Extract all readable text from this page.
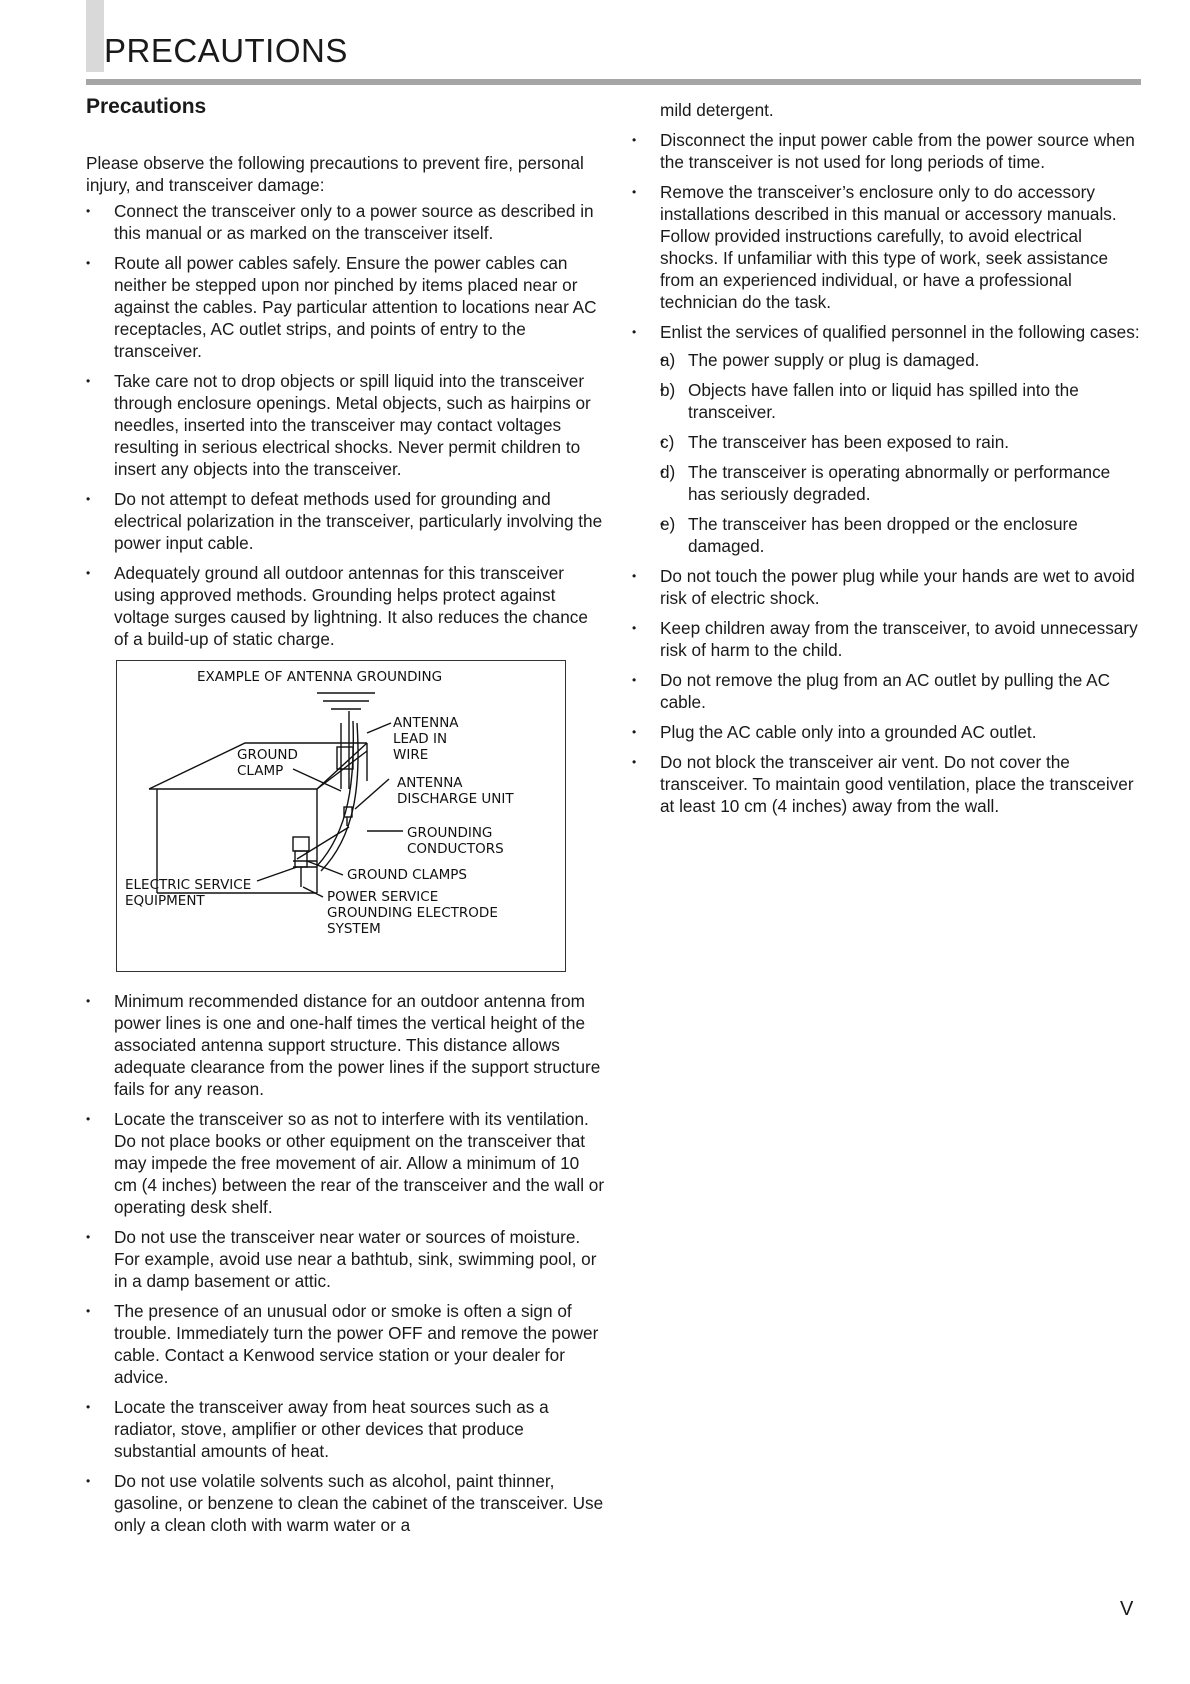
PRECAUTIONS
Precautions

Please observe the following precautions to prevent fire, personal injury, and transceiver damage:

• Connect the transceiver only to a power source as described in this manual or as marked on the transceiver itself.
• Route all power cables safely. Ensure the power cables can neither be stepped upon nor pinched by items placed near or against the cables. Pay particular attention to locations near AC receptacles, AC outlet strips, and points of entry to the transceiver.
• Take care not to drop objects or spill liquid into the transceiver through enclosure openings. Metal objects, such as hairpins or needles, inserted into the transceiver may contact voltages resulting in serious electrical shocks. Never permit children to insert any objects into the transceiver.
• Do not attempt to defeat methods used for grounding and electrical polarization in the transceiver, particularly involving the power input cable.
• Adequately ground all outdoor antennas for this transceiver using approved methods. Grounding helps protect against voltage surges caused by lightning. It also reduces the chance of a build-up of static charge.
EXAMPLE OF ANTENNA GROUNDING
ANTENNA
LEAD IN
WIRE
GROUND
CLAMP
ANTENNA
DISCHARGE UNIT
GROUNDING
CONDUCTORS
GROUND CLAMPS
ELECTRIC SERVICE
EQUIPMENT	POWER SERVICE
GROUNDING ELECTRODE
SYSTEM
• Minimum recommended distance for an outdoor antenna from power lines is one and one-half times the vertical height of the associated antenna support structure. This distance allows adequate clearance from the power lines if the support structure fails for any reason.
• Locate the transceiver so as not to interfere with its ventilation. Do not place books or other equipment on the transceiver that may impede the free movement of air. Allow a minimum of 10 cm (4 inches) between the rear of the transceiver and the wall or operating desk shelf.
• Do not use the transceiver near water or sources of moisture. For example, avoid use near a bathtub, sink, swimming pool, or in a damp basement or attic.
• The presence of an unusual odor or smoke is often a sign of trouble. Immediately turn the power OFF and remove the power cable. Contact a Kenwood service station or your dealer for advice.
• Locate the transceiver away from heat sources such as a radiator, stove, amplifier or other devices that produce substantial amounts of heat.
• Do not use volatile solvents such as alcohol, paint thinner, gasoline, or benzene to clean the cabinet of the transceiver. Use only a clean cloth with warm water or a

mild detergent.

• Disconnect the input power cable from the power source when the transceiver is not used for long periods of time.
• Remove the transceiver’s enclosure only to do accessory installations described in this manual or accessory manuals. Follow provided instructions carefully, to avoid electrical shocks. If unfamiliar with this type of work, seek assistance from an experienced individual, or have a professional technician do the task.
• Enlist the services of qualified personnel in the following cases:
• a) The power supply or plug is damaged.
• b) Objects have fallen into or liquid has spilled into the transceiver.
• c) The transceiver has been exposed to rain.
• d) The transceiver is operating abnormally or performance has seriously degraded.
• e) The transceiver has been dropped or the enclosure damaged.
• Do not touch the power plug while your hands are wet to avoid risk of electric shock.
• Keep children away from the transceiver, to avoid unnecessary risk of harm to the child.
• Do not remove the plug from an AC outlet by pulling the AC cable.
• Plug the AC cable only into a grounded AC outlet.
• Do not block the transceiver air vent. Do not cover the transceiver. To maintain good ventilation, place the transceiver at least 10 cm (4 inches) away from the wall.

V
